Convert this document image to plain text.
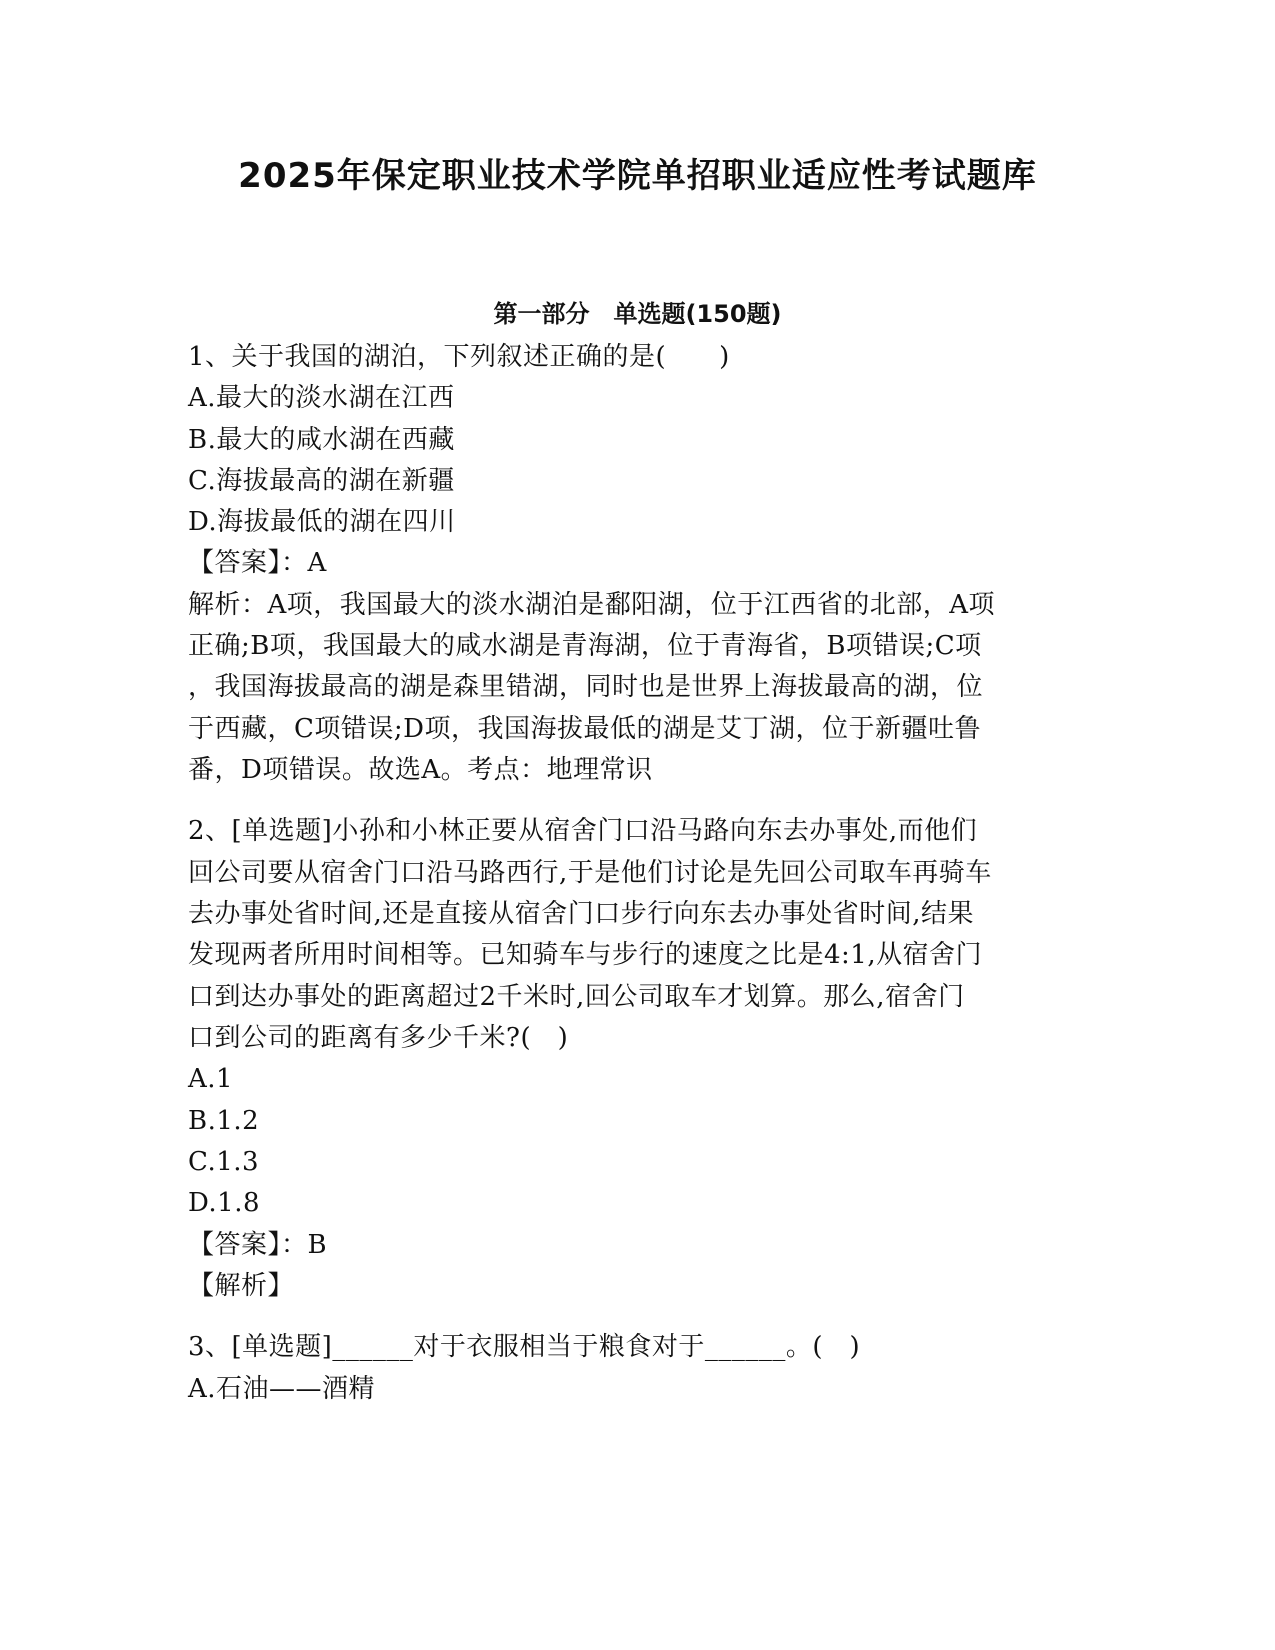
2025年保定职业技术学院单招职业适应性考试题库
第一部分　单选题(150题)
1、关于我国的湖泊，下列叙述正确的是(　　)
A.最大的淡水湖在江西
B.最大的咸水湖在西藏
C.海拔最高的湖在新疆
D.海拔最低的湖在四川
【答案】：A
解析：A项，我国最大的淡水湖泊是鄱阳湖，位于江西省的北部，A项
正确;B项，我国最大的咸水湖是青海湖，位于青海省，B项错误;C项
，我国海拔最高的湖是森里错湖，同时也是世界上海拔最高的湖，位
于西藏，C项错误;D项，我国海拔最低的湖是艾丁湖，位于新疆吐鲁
番，D项错误。故选A。考点：地理常识
2、[单选题]小孙和小林正要从宿舍门口沿马路向东去办事处,而他们
回公司要从宿舍门口沿马路西行,于是他们讨论是先回公司取车再骑车
去办事处省时间,还是直接从宿舍门口步行向东去办事处省时间,结果
发现两者所用时间相等。已知骑车与步行的速度之比是4:1,从宿舍门
口到达办事处的距离超过2千米时,回公司取车才划算。那么,宿舍门
口到公司的距离有多少千米?(　)
A.1
B.1.2
C.1.3
D.1.8
【答案】：B
【解析】
3、[单选题]______对于衣服相当于粮食对于______。(　)
A.石油——酒精
